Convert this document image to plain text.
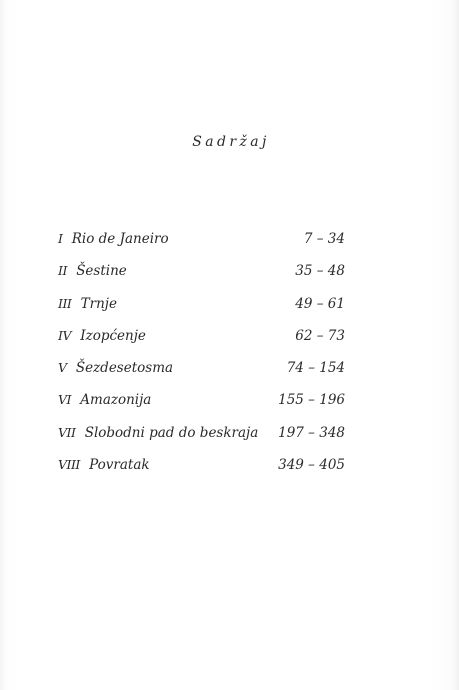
Sadržaj
I Rio de Janeiro	7 – 34
II Šestine	35 – 48
III Trnje	49 – 61
IV Izopćenje	62 – 73
V Šezdesetosma	74 – 154
VI Amazonija	155 – 196
VII Slobodni pad do beskraja 197 – 348
VIII Povratak	349 – 405
